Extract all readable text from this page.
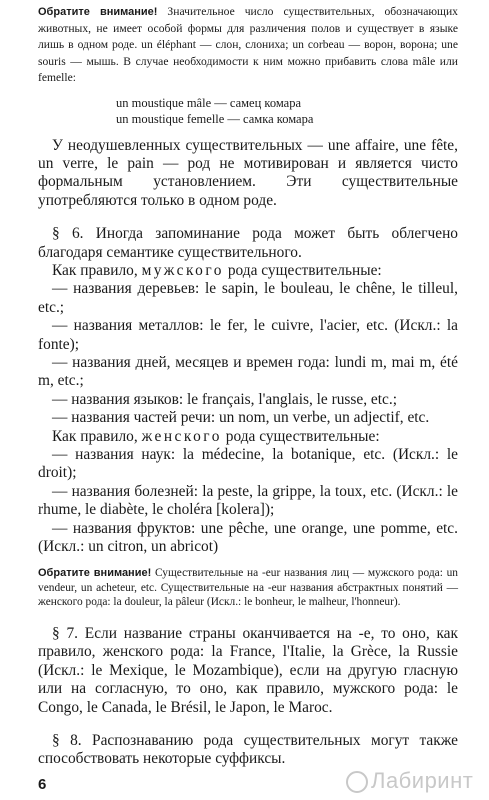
Обратите внимание! Значительное число существительных, обозначающих животных, не имеет особой формы для различения полов и существует в языке лишь в одном роде. un éléphant — слон, слониха; un corbeau — ворон, ворона; une souris — мышь. В случае необходимости к ним можно прибавить слова mâle или femelle:

un moustique mâle — самец комара
un moustique femelle — самка комара

У неодушевленных существительных — une affaire, une fête, un verre, le pain — род не мотивирован и является чисто формальным установлением. Эти существительные употребляются только в одном роде.

§ 6. Иногда запоминание рода может быть облегчено благодаря семантике существительного.

Как правило, мужского рода существительные:

— названия деревьев: le sapin, le bouleau, le chêne, le tilleul, etc.;

— названия металлов: le fer, le cuivre, l'acier, etc. (Искл.: la fonte);

— названия дней, месяцев и времен года: lundi m, mai m, été m, etc.;

— названия языков: le français, l'anglais, le russe, etc.;

— названия частей речи: un nom, un verbe, un adjectif, etc.

Как правило, женского рода существительные:

— названия наук: la médecine, la botanique, etc. (Искл.: le droit);

— названия болезней: la peste, la grippe, la toux, etc. (Искл.: le rhume, le diabète, le choléra [kolera]);

— названия фруктов: une pêche, une orange, une pomme, etc. (Искл.: un citron, un abricot)

Обратите внимание! Существительные на -eur названия лиц — мужского рода: un vendeur, un acheteur, etc. Существительные на -eur названия абстрактных понятий — женского рода: la douleur, la pâleur (Искл.: le bonheur, le malheur, l'honneur).

§ 7. Если название страны оканчивается на -е, то оно, как правило, женского рода: la France, l'Italie, la Grèce, la Russie (Искл.: le Mexique, le Mozambique), если на другую гласную или на согласную, то оно, как правило, мужского рода: le Congo, le Canada, le Brésil, le Japon, le Maroc.

§ 8. Распознаванию рода существительных могут также способствовать некоторые суффиксы.

6	Лабиринт
